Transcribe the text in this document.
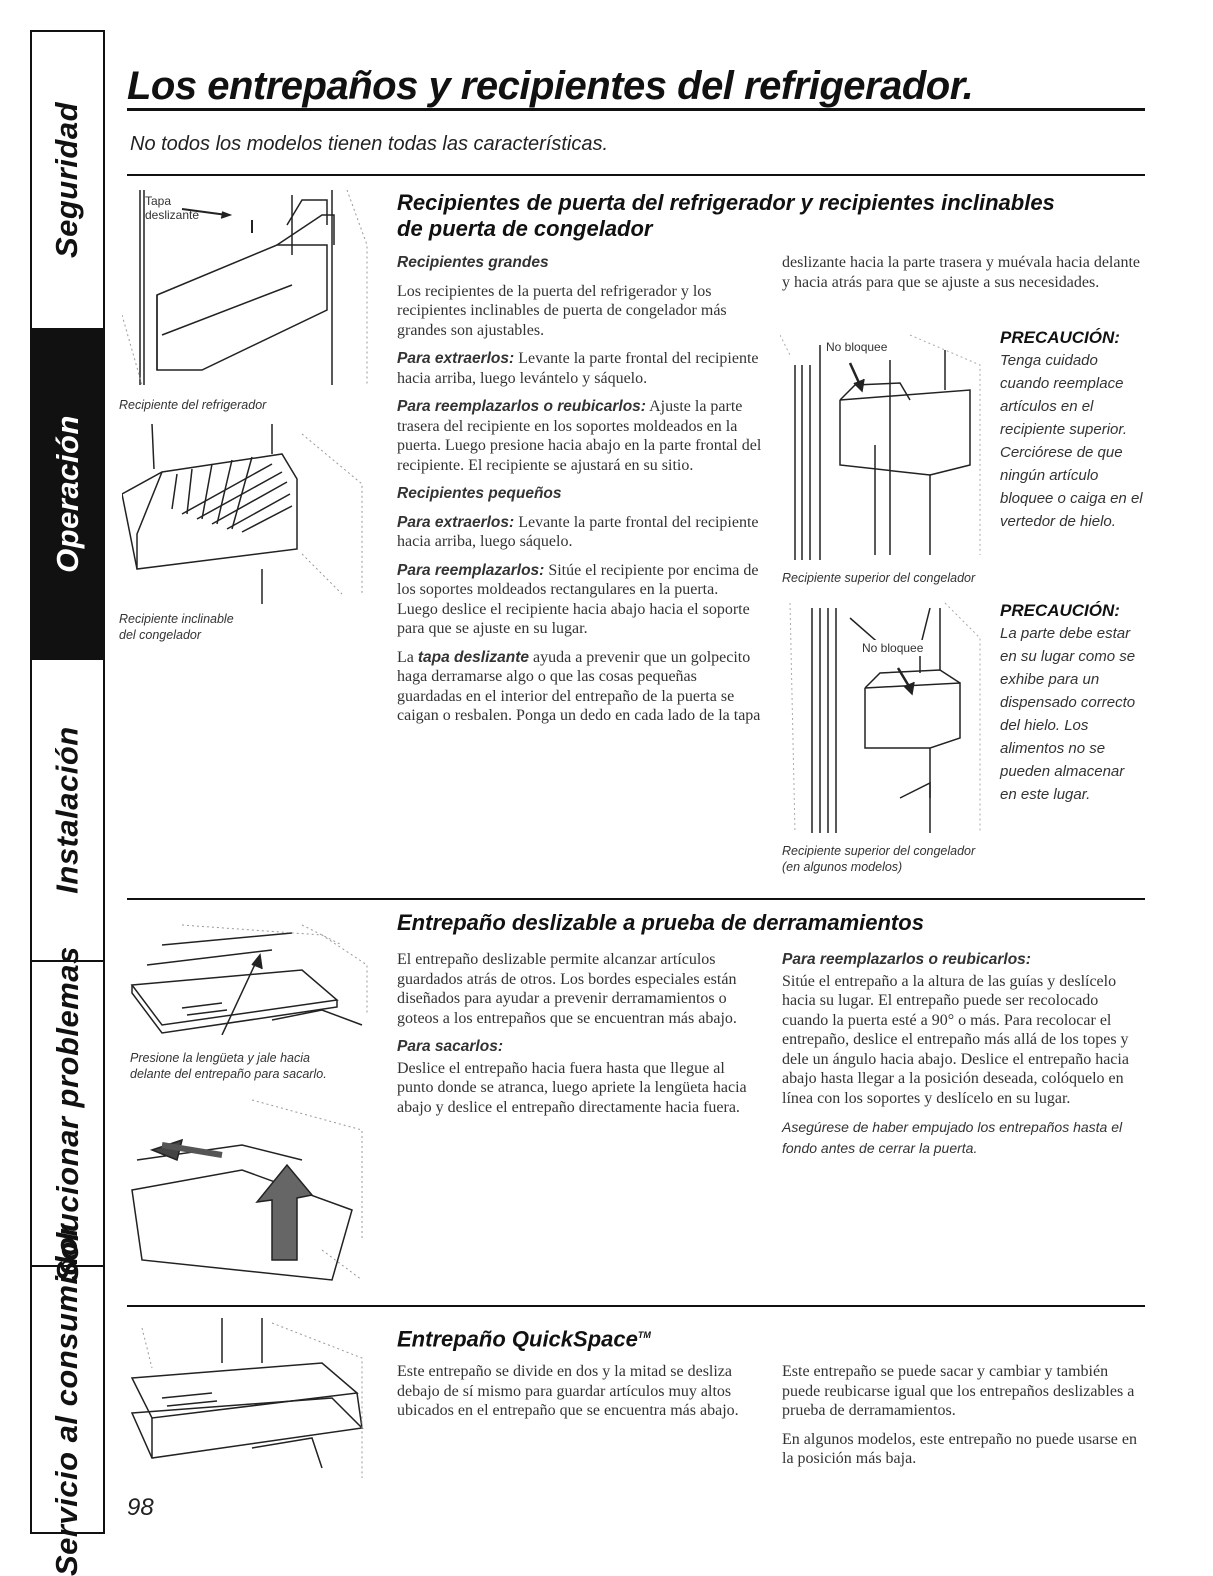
Seguridad
Operación
Instalación
Solucionar problemas
Servicio al consumidor
Los entrepaños y recipientes del refrigerador.
No todos los modelos tienen todas las características.
Recipientes de puerta del refrigerador y recipientes inclinables
de puerta de congelador
Tapa
deslizante
Recipiente del refrigerador
Recipiente inclinable
del congelador

Recipientes grandes

Los recipientes de la puerta del refrigerador y los recipientes inclinables de puerta de congelador más grandes son ajustables.

Para extraerlos: Levante la parte frontal del recipiente hacia arriba, luego levántelo y sáquelo.

Para reemplazarlos o reubicarlos: Ajuste la parte trasera del recipiente en los soportes moldeados en la puerta. Luego presione hacia abajo en la parte frontal del recipiente. El recipiente se ajustará en su sitio.

Recipientes pequeños

Para extraerlos: Levante la parte frontal del recipiente hacia arriba, luego sáquelo.

Para reemplazarlos: Sitúe el recipiente por encima de los soportes moldeados rectangulares en la puerta. Luego deslice el recipiente hacia abajo hacia el soporte para que se ajuste en su lugar.

La tapa deslizante ayuda a prevenir que un golpecito haga derramarse algo o que las cosas pequeñas guardadas en el interior del entrepaño de la puerta se caigan o resbalen. Ponga un dedo en cada lado de la tapa

deslizante hacia la parte trasera y muévala hacia delante y hacia atrás para que se ajuste a sus necesidades.

No bloquee
Recipiente superior del congelador
PRECAUCIÓN:
Tenga cuidado cuando reemplace artículos en el recipiente superior. Cerciórese de que ningún artículo bloquee o caiga en el vertedor de hielo.
No bloquee
Recipiente superior del congelador
(en algunos modelos)
PRECAUCIÓN:
La parte debe estar en su lugar como se exhibe para un dispensado correcto del hielo. Los alimentos no se pueden almacenar en este lugar.
Entrepaño deslizable a prueba de derramamientos
Presione la lengüeta y jale hacia
delante del entrepaño para sacarlo.

El entrepaño deslizable permite alcanzar artículos guardados atrás de otros. Los bordes especiales están diseñados para ayudar a prevenir derramamientos o goteos a los entrepaños que se encuentran más abajo.

Para sacarlos:

Deslice el entrepaño hacia fuera hasta que llegue al punto donde se atranca, luego apriete la lengüeta hacia abajo y deslice el entrepaño directamente hacia fuera.

Para reemplazarlos o reubicarlos:

Sitúe el entrepaño a la altura de las guías y deslícelo hacia su lugar. El entrepaño puede ser recolocado cuando la puerta esté a 90° o más. Para recolocar el entrepaño, deslice el entrepaño más allá de los topes y dele un ángulo hacia abajo. Deslice el entrepaño hacia abajo hasta llegar a la posición deseada, colóquelo en línea con los soportes y deslícelo en su lugar.

Asegúrese de haber empujado los entrepaños hasta el fondo antes de cerrar la puerta.

Entrepaño QuickSpace™

Este entrepaño se divide en dos y la mitad se desliza debajo de sí mismo para guardar artículos muy altos ubicados en el entrepaño que se encuentra más abajo.

Este entrepaño se puede sacar y cambiar y también puede reubicarse igual que los entrepaños deslizables a prueba de derramamientos.

En algunos modelos, este entrepaño no puede usarse en la posición más baja.

98
